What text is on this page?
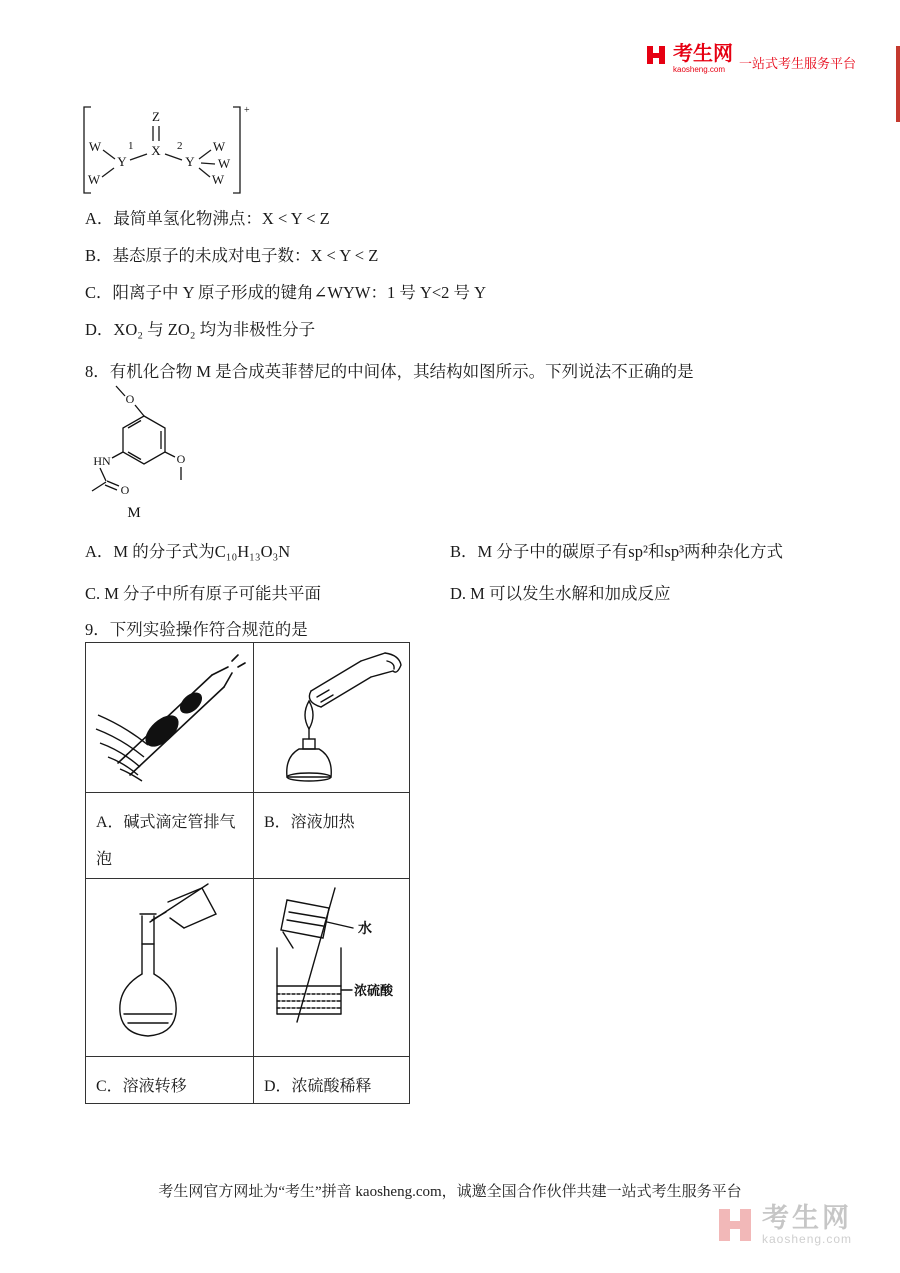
考生网
kaosheng.com	一站式考生服务平台
Z
X
Y	Y
W
W
W
W
W
1	2
+
A．最简单氢化物沸点：X < Y < Z
B．基态原子的未成对电子数：X < Y < Z
C．阳离子中 Y 原子形成的键角∠WYW：1 号 Y<2 号 Y
D．XO₂ 与 ZO₂ 均为非极性分子
8．有机化合物 M 是合成英菲替尼的中间体，其结构如图所示。下列说法不正确的是
O
O
HN
O
M
A．M 的分子式为C₁₀H₁₃O₃N	B．M 分子中的碳原子有sp²和sp³两种杂化方式
C. M 分子中所有原子可能共平面	D. M 可以发生水解和加成反应
9．下列实验操作符合规范的是
A．碱式滴定管排气泡
B．溶液加热
水
浓硫酸
C．溶液转移	D．浓硫酸稀释
考生网官方网址为“考生”拼音 kaosheng.com，诚邀全国合作伙伴共建一站式考生服务平台
考生网
kaosheng.com
